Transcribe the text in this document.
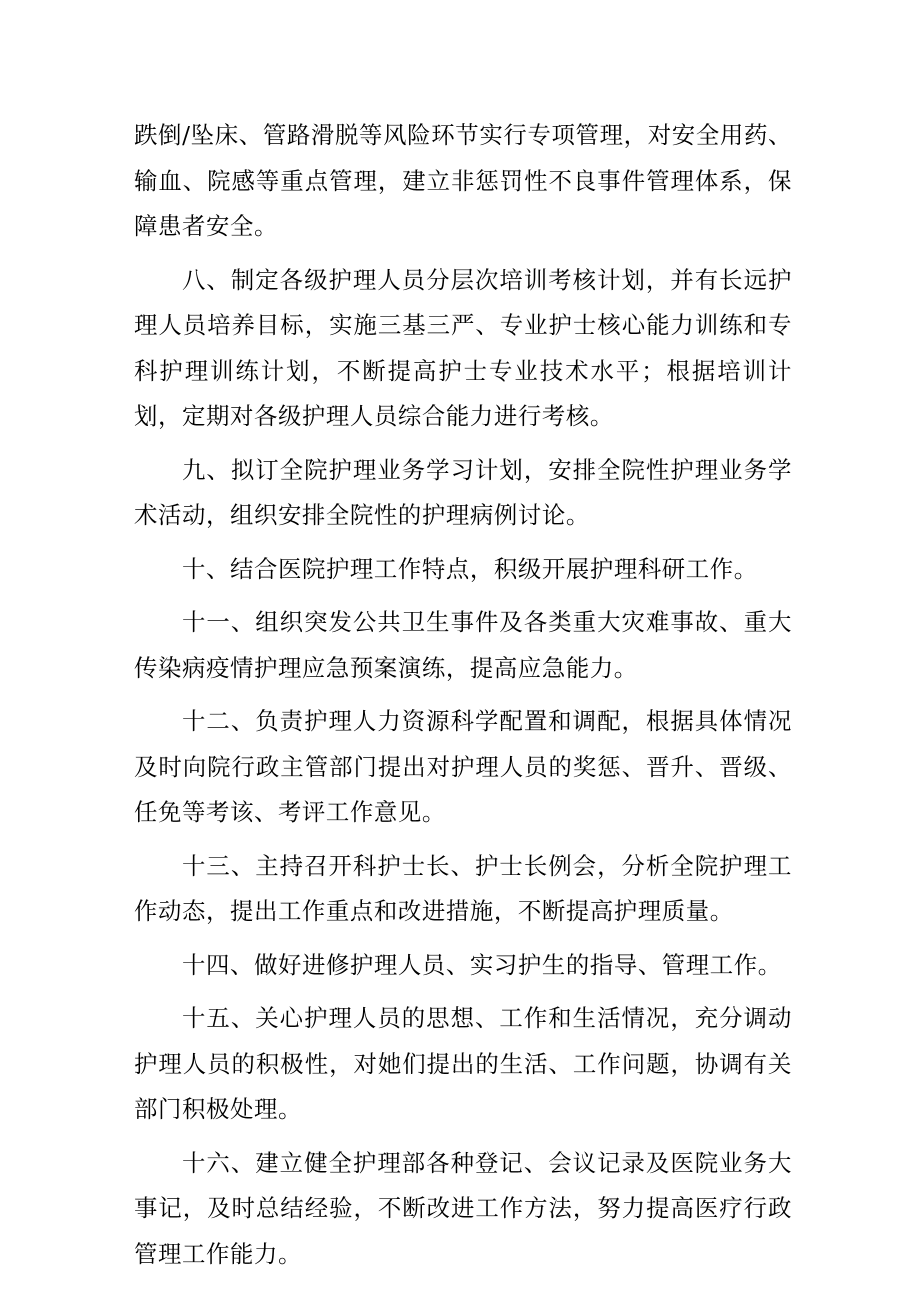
跌倒/坠床、管路滑脱等风险环节实行专项管理，对安全用药、输血、院感等重点管理，建立非惩罚性不良事件管理体系，保障患者安全。

八、制定各级护理人员分层次培训考核计划，并有长远护理人员培养目标，实施三基三严、专业护士核心能力训练和专科护理训练计划，不断提高护士专业技术水平；根据培训计划，定期对各级护理人员综合能力进行考核。

九、拟订全院护理业务学习计划，安排全院性护理业务学术活动，组织安排全院性的护理病例讨论。

十、结合医院护理工作特点，积级开展护理科研工作。

十一、组织突发公共卫生事件及各类重大灾难事故、重大传染病疫情护理应急预案演练，提高应急能力。

十二、负责护理人力资源科学配置和调配，根据具体情况及时向院行政主管部门提出对护理人员的奖惩、晋升、晋级、任免等考该、考评工作意见。

十三、主持召开科护士长、护士长例会，分析全院护理工作动态，提出工作重点和改进措施，不断提高护理质量。

十四、做好进修护理人员、实习护生的指导、管理工作。

十五、关心护理人员的思想、工作和生活情况，充分调动护理人员的积极性，对她们提出的生活、工作问题，协调有关部门积极处理。

十六、建立健全护理部各种登记、会议记录及医院业务大事记，及时总结经验，不断改进工作方法，努力提高医疗行政管理工作能力。
